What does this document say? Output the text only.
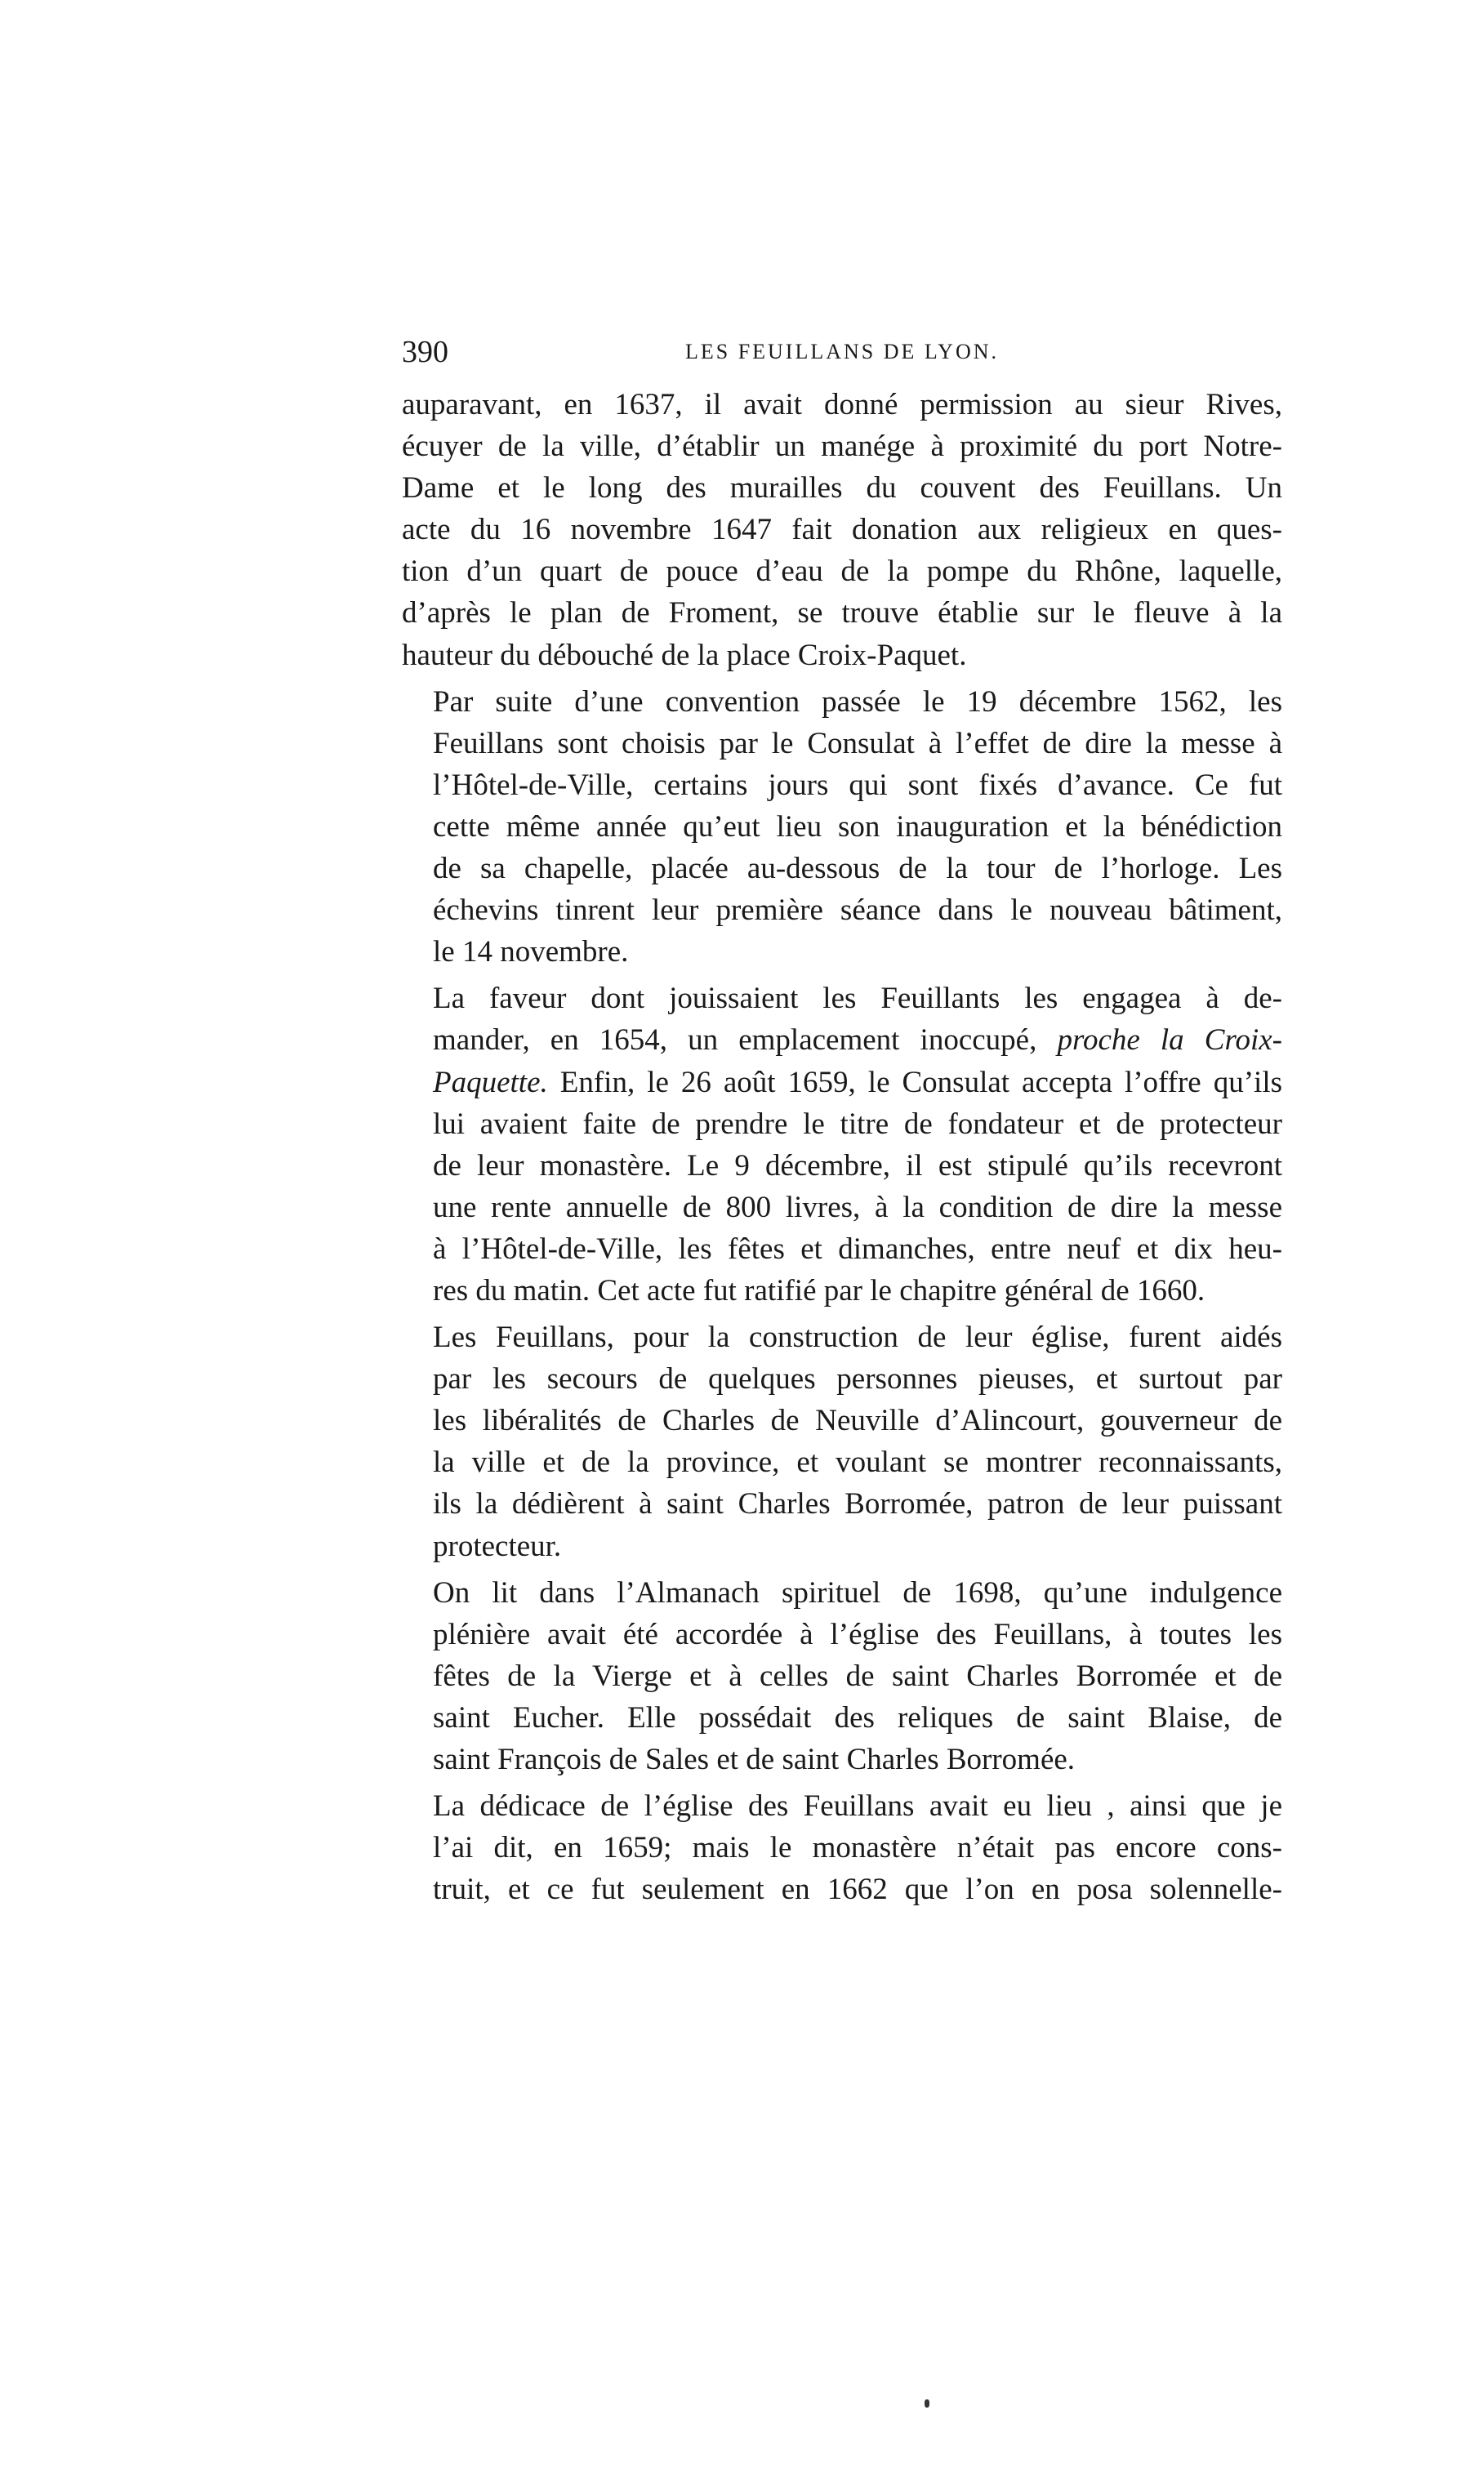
390	LES FEUILLANS DE LYON.
auparavant, en 1637, il avait donné permission au sieur Rives,
écuyer de la ville, d’établir un manége à proximité du port Notre-
Dame et le long des murailles du couvent des Feuillans. Un
acte du 16 novembre 1647 fait donation aux religieux en ques-
tion d’un quart de pouce d’eau de la pompe du Rhône, laquelle,
d’après le plan de Froment, se trouve établie sur le fleuve à la
hauteur du débouché de la place Croix-Paquet.
Par suite d’une convention passée le 19 décembre 1562, les
Feuillans sont choisis par le Consulat à l’effet de dire la messe à
l’Hôtel-de-Ville, certains jours qui sont fixés d’avance. Ce fut
cette même année qu’eut lieu son inauguration et la bénédiction
de sa chapelle, placée au-dessous de la tour de l’horloge. Les
échevins tinrent leur première séance dans le nouveau bâtiment,
le 14 novembre.
La faveur dont jouissaient les Feuillants les engagea à de-
mander, en 1654, un emplacement inoccupé, proche la Croix-
Paquette. Enfin, le 26 août 1659, le Consulat accepta l’offre qu’ils
lui avaient faite de prendre le titre de fondateur et de protecteur
de leur monastère. Le 9 décembre, il est stipulé qu’ils recevront
une rente annuelle de 800 livres, à la condition de dire la messe
à l’Hôtel-de-Ville, les fêtes et dimanches, entre neuf et dix heu-
res du matin. Cet acte fut ratifié par le chapitre général de 1660.
Les Feuillans, pour la construction de leur église, furent aidés
par les secours de quelques personnes pieuses, et surtout par
les libéralités de Charles de Neuville d’Alincourt, gouverneur de
la ville et de la province, et voulant se montrer reconnaissants,
ils la dédièrent à saint Charles Borromée, patron de leur puissant
protecteur.
On lit dans l’Almanach spirituel de 1698, qu’une indulgence
plénière avait été accordée à l’église des Feuillans, à toutes les
fêtes de la Vierge et à celles de saint Charles Borromée et de
saint Eucher. Elle possédait des reliques de saint Blaise, de
saint François de Sales et de saint Charles Borromée.
La dédicace de l’église des Feuillans avait eu lieu , ainsi que je
l’ai dit, en 1659; mais le monastère n’était pas encore cons-
truit, et ce fut seulement en 1662 que l’on en posa solennelle-
